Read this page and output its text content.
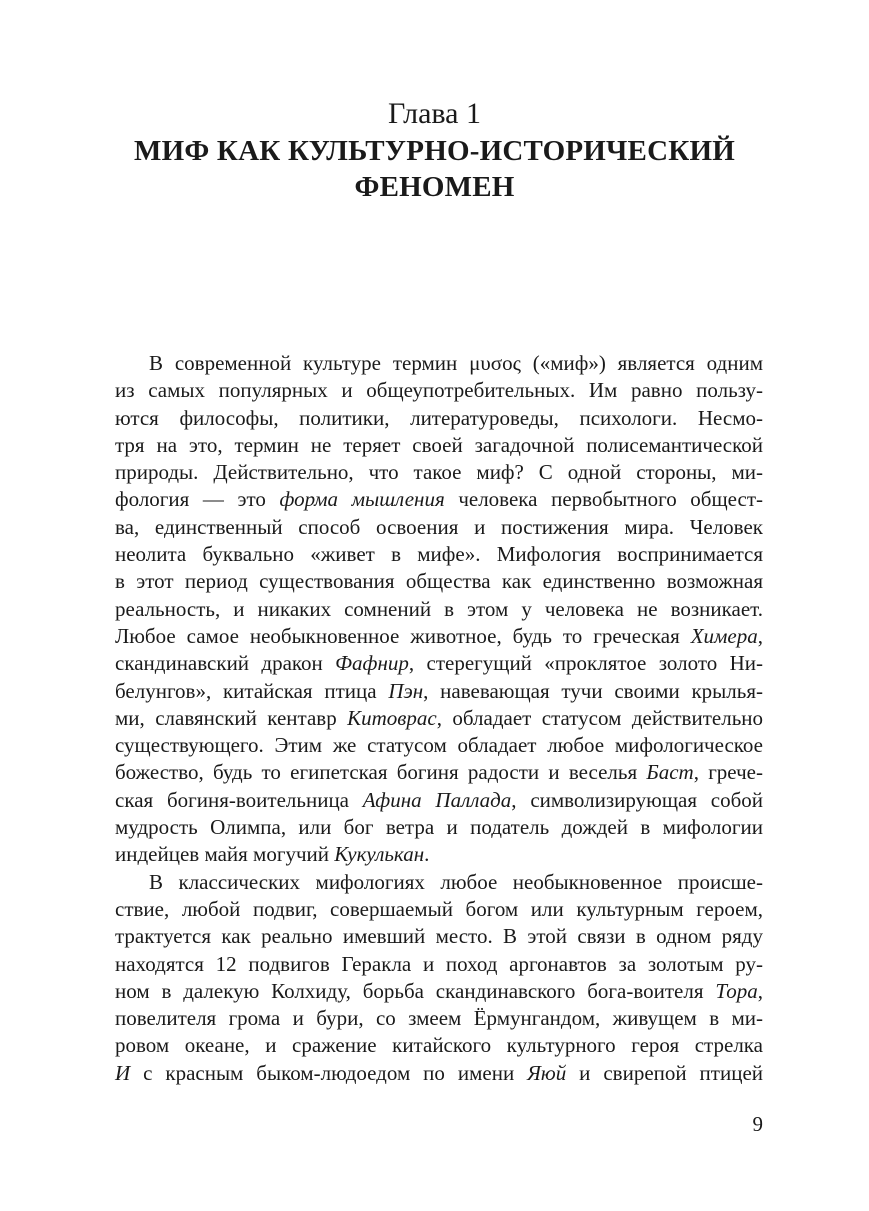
Глава 1
МИФ КАК КУЛЬТУРНО-ИСТОРИЧЕСКИЙ
ФЕНОМЕН
В современной культуре термин μυσος («миф») является одним
из самых популярных и общеупотребительных. Им равно пользу-
ются философы, политики, литературоведы, психологи. Несмо-
тря на это, термин не теряет своей загадочной полисемантической
природы. Действительно, что такое миф? С одной стороны, ми-
фология — это форма мышления человека первобытного общест-
ва, единственный способ освоения и постижения мира. Человек
неолита буквально «живет в мифе». Мифология воспринимается
в этот период существования общества как единственно возможная
реальность, и никаких сомнений в этом у человека не возникает.
Любое самое необыкновенное животное, будь то греческая Химера,
скандинавский дракон Фафнир, стерегущий «проклятое золото Ни-
белунгов», китайская птица Пэн, навевающая тучи своими крылья-
ми, славянский кентавр Китоврас, обладает статусом действительно
существующего. Этим же статусом обладает любое мифологическое
божество, будь то египетская богиня радости и веселья Баст, грече-
ская богиня-воительница Афина Паллада, символизирующая собой
мудрость Олимпа, или бог ветра и податель дождей в мифологии
индейцев майя могучий Кукулькан.
В классических мифологиях любое необыкновенное происше-
ствие, любой подвиг, совершаемый богом или культурным героем,
трактуется как реально имевший место. В этой связи в одном ряду
находятся 12 подвигов Геракла и поход аргонавтов за золотым ру-
ном в далекую Колхиду, борьба скандинавского бога-воителя Тора,
повелителя грома и бури, со змеем Ёрмунгандом, живущем в ми-
ровом океане, и сражение китайского культурного героя стрелка
И с красным быком-людоедом по имени Яюй и свирепой птицей
9
